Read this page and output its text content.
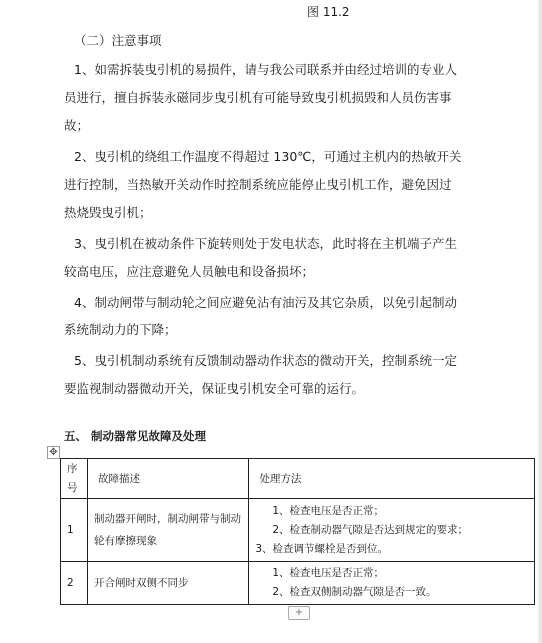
图 11.2
（二）注意事项
1、如需拆装曳引机的易损件，请与我公司联系并由经过培训的专业人
员进行，擅自拆装永磁同步曳引机有可能导致曳引机损毁和人员伤害事
故；
2、曳引机的绕组工作温度不得超过 130℃，可通过主机内的热敏开关
进行控制，当热敏开关动作时控制系统应能停止曳引机工作，避免因过
热烧毁曳引机；
3、曳引机在被动条件下旋转则处于发电状态，此时将在主机端子产生
较高电压，应注意避免人员触电和设备损坏；
4、制动闸带与制动轮之间应避免沾有油污及其它杂质，以免引起制动
系统制动力的下降；
5、曳引机制动系统有反馈制动器动作状态的微动开关，控制系统一定
要监视制动器微动开关，保证曳引机安全可靠的运行。
五、 制动器常见故障及处理
✥
序
号	故障描述	处理方法

1	制动器开闸时，制动闸带与制动
轮有摩擦现象	1、检查电压是否正常；
2、检查制动器气隙是否达到规定的要求；
3、检查调节螺栓是否到位。

2	开合闸时双侧不同步	1、检查电压是否正常；
2、检查双侧制动器气隙是否一致。
+
